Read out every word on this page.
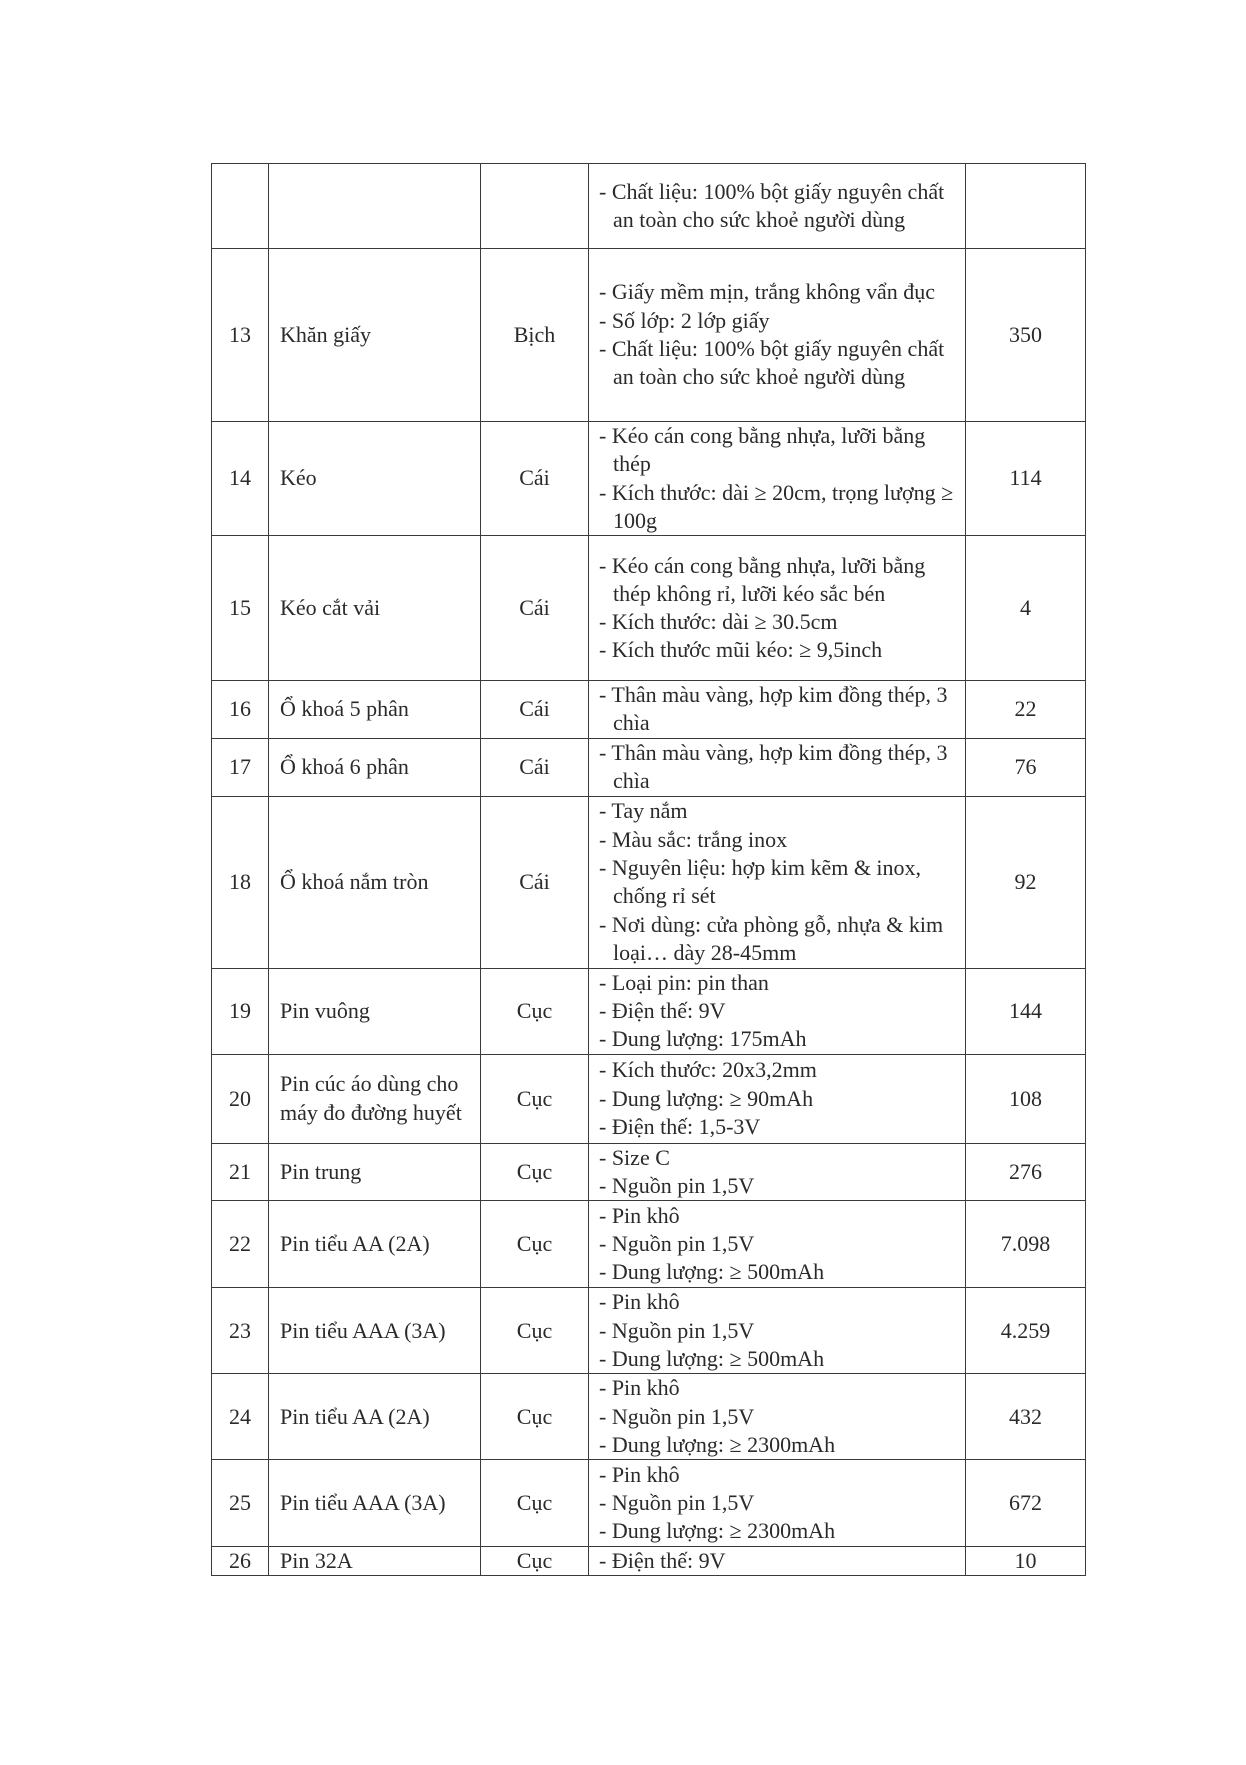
			- Chất liệu: 100% bột giấy nguyên chất an toàn cho sức khoẻ người dùng	

13	Khăn giấy	Bịch	- Giấy mềm mịn, trắng không vẩn đục
- Số lớp: 2 lớp giấy
- Chất liệu: 100% bột giấy nguyên chất an toàn cho sức khoẻ người dùng	350
14	Kéo	Cái	- Kéo cán cong bằng nhựa, lưỡi bằng thép
- Kích thước: dài ≥ 20cm, trọng lượng ≥ 100g	114
15	Kéo cắt vải	Cái	- Kéo cán cong bằng nhựa, lưỡi bằng thép không rỉ, lưỡi kéo sắc bén
- Kích thước: dài ≥ 30.5cm
- Kích thước mũi kéo: ≥ 9,5inch	4
16	Ổ khoá 5 phân	Cái	- Thân màu vàng, hợp kim đồng thép, 3 chìa	22
17	Ổ khoá 6 phân	Cái	- Thân màu vàng, hợp kim đồng thép, 3 chìa	76
18	Ổ khoá nắm tròn	Cái	- Tay nắm
- Màu sắc: trắng inox
- Nguyên liệu: hợp kim kẽm & inox, chống rỉ sét
- Nơi dùng: cửa phòng gỗ, nhựa & kim loại… dày 28-45mm	92
19	Pin vuông	Cục	- Loại pin: pin than
- Điện thế: 9V
- Dung lượng: 175mAh	144
20	Pin cúc áo dùng cho máy đo đường huyết	Cục	- Kích thước: 20x3,2mm
- Dung lượng: ≥ 90mAh
- Điện thế: 1,5-3V	108
21	Pin trung	Cục	- Size C
- Nguồn pin 1,5V	276
22	Pin tiểu AA (2A)	Cục	- Pin khô
- Nguồn pin 1,5V
- Dung lượng: ≥ 500mAh	7.098
23	Pin tiểu AAA (3A)	Cục	- Pin khô
- Nguồn pin 1,5V
- Dung lượng: ≥ 500mAh	4.259
24	Pin tiểu AA (2A)	Cục	- Pin khô
- Nguồn pin 1,5V
- Dung lượng: ≥ 2300mAh	432
25	Pin tiểu AAA (3A)	Cục	- Pin khô
- Nguồn pin 1,5V
- Dung lượng: ≥ 2300mAh	672
26	Pin 32A	Cục	- Điện thế: 9V	10
